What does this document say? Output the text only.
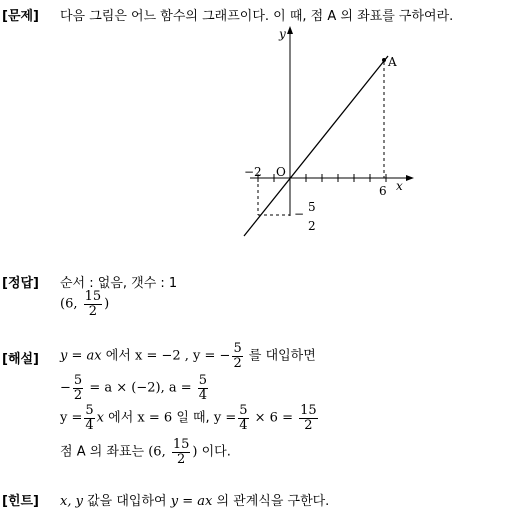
[문제] 다음 그림은 어느 함수의 그래프이다. 이 때, 점 A 의 좌표를 구하여라.
y
x
O
A
−2
6
− 5
2
[정답] 순서 : 없음, 갯수 : 1
(6, $\frac{15}{2}$ )
[해설] y = ax 에서 x = −2 , y = − $\frac{5}{2}$ 를 대입하면
− $\frac{5}{2} = a \times (-2)$, $a = \frac{5}{4}$
$y = \frac{5}{4}$ x 에서 x = 6 일 때, $y = \frac{5}{4} \times 6 = \frac{15}{2}$
점 A 의 좌표는 (6, $\frac{15}{2}$ ) 이다.
[힌트] x, y 값을 대입하여 y = ax 의 관계식을 구한다.
